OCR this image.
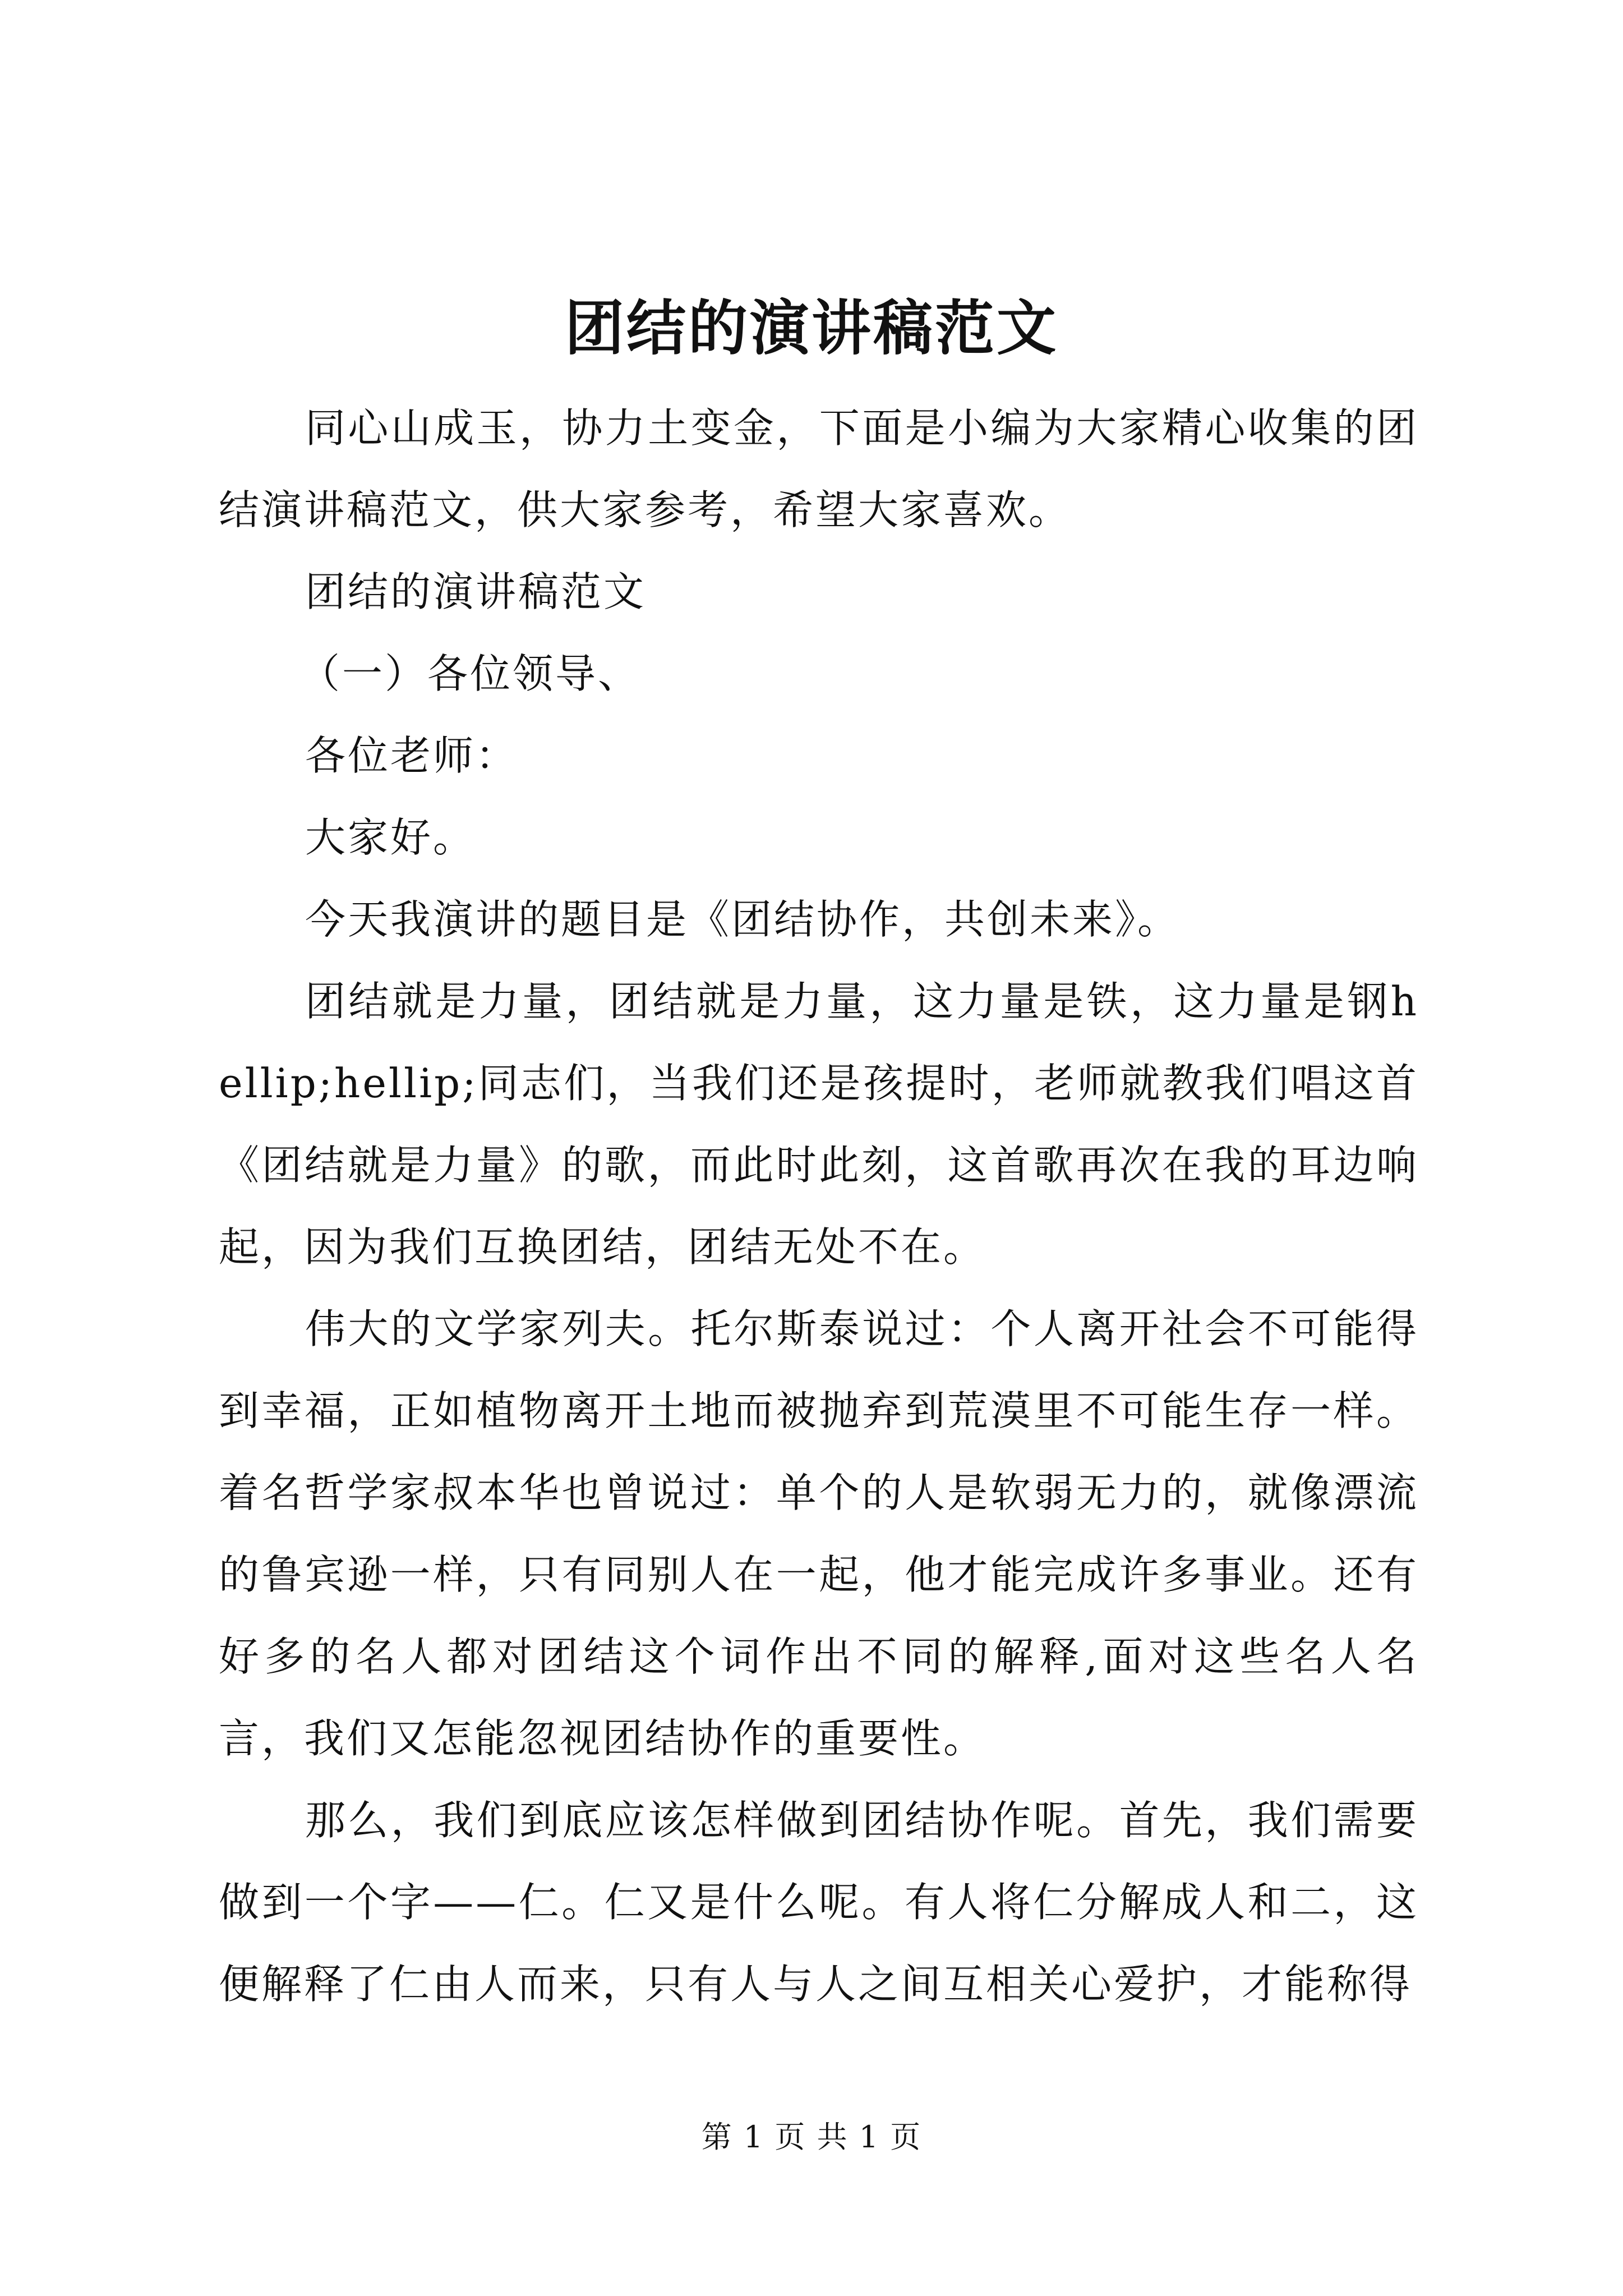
团结的演讲稿范文

同心山成玉，协力土变金，下面是小编为大家精心收集的团结演讲稿范文，供大家参考，希望大家喜欢。

团结的演讲稿范文

（一）各位领导、

各位老师：

大家好。

今天我演讲的题目是《团结协作，共创未来》。

团结就是力量，团结就是力量，这力量是铁，这力量是钢hellip;hellip;同志们，当我们还是孩提时，老师就教我们唱这首《团结就是力量》的歌，而此时此刻，这首歌再次在我的耳边响起，因为我们互换团结，团结无处不在。

伟大的文学家列夫。托尔斯泰说过：个人离开社会不可能得到幸福，正如植物离开土地而被抛弃到荒漠里不可能生存一样。着名哲学家叔本华也曾说过：单个的人是软弱无力的，就像漂流的鲁宾逊一样，只有同别人在一起，他才能完成许多事业。还有好多的名人都对团结这个词作出不同的解释,面对这些名人名言，我们又怎能忽视团结协作的重要性。

那么，我们到底应该怎样做到团结协作呢。首先，我们需要做到一个字——仁。仁又是什么呢。有人将仁分解成人和二，这便解释了仁由人而来，只有人与人之间互相关心爱护，才能称得

第 1 页 共 1 页
